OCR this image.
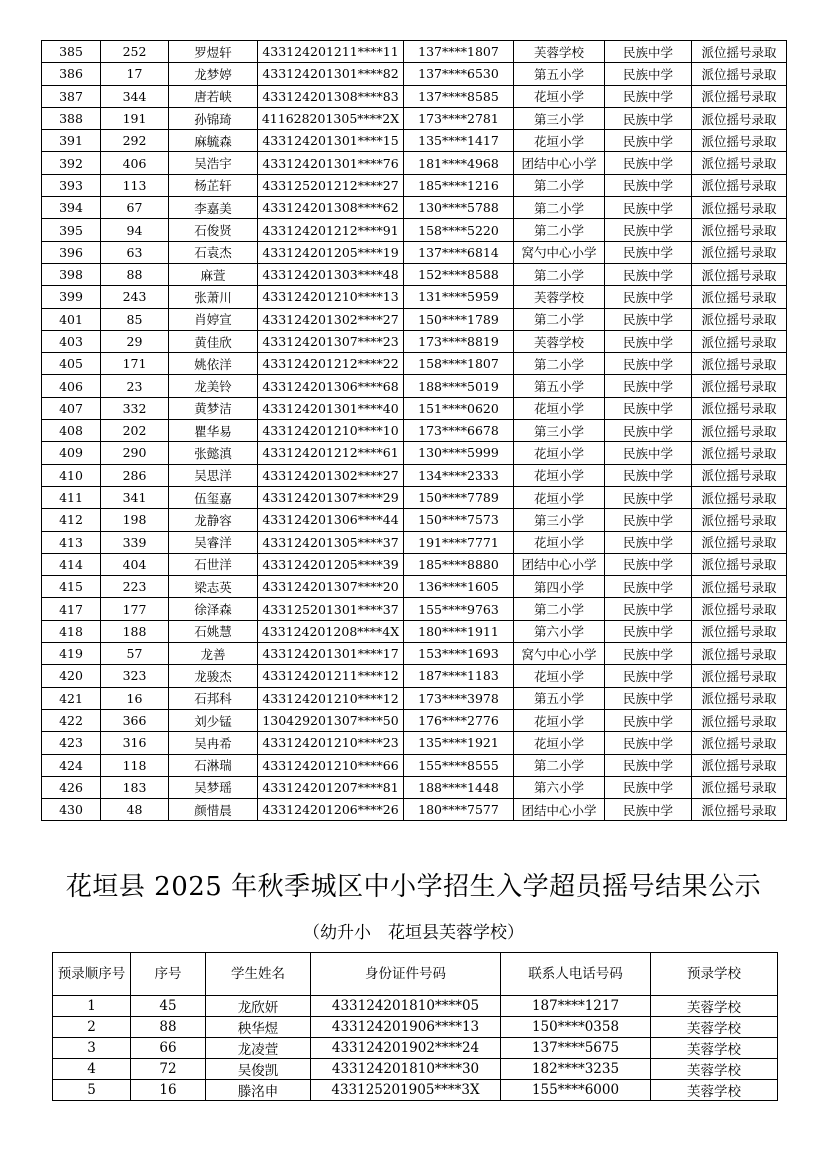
385	252	罗煜轩	433124201211****11	137****1807	芙蓉学校	民族中学	派位摇号录取
386	17	龙梦婷	433124201301****82	137****6530	第五小学	民族中学	派位摇号录取
387	344	唐若峡	433124201308****83	137****8585	花垣小学	民族中学	派位摇号录取
388	191	孙锦琦	411628201305****2X	173****2781	第三小学	民族中学	派位摇号录取
391	292	麻毓森	433124201301****15	135****1417	花垣小学	民族中学	派位摇号录取
392	406	吴浩宇	433124201301****76	181****4968	团结中心小学	民族中学	派位摇号录取
393	113	杨芷轩	433125201212****27	185****1216	第二小学	民族中学	派位摇号录取
394	67	李嘉美	433124201308****62	130****5788	第二小学	民族中学	派位摇号录取
395	94	石俊贤	433124201212****91	158****5220	第二小学	民族中学	派位摇号录取
396	63	石袁杰	433124201205****19	137****6814	窝勺中心小学	民族中学	派位摇号录取
398	88	麻萱	433124201303****48	152****8588	第二小学	民族中学	派位摇号录取
399	243	张萧川	433124201210****13	131****5959	芙蓉学校	民族中学	派位摇号录取
401	85	肖婷宣	433124201302****27	150****1789	第二小学	民族中学	派位摇号录取
403	29	黄佳欣	433124201307****23	173****8819	芙蓉学校	民族中学	派位摇号录取
405	171	姚依洋	433124201212****22	158****1807	第二小学	民族中学	派位摇号录取
406	23	龙美铃	433124201306****68	188****5019	第五小学	民族中学	派位摇号录取
407	332	黄梦洁	433124201301****40	151****0620	花垣小学	民族中学	派位摇号录取
408	202	瞿华易	433124201210****10	173****6678	第三小学	民族中学	派位摇号录取
409	290	张懿滇	433124201212****61	130****5999	花垣小学	民族中学	派位摇号录取
410	286	吴思洋	433124201302****27	134****2333	花垣小学	民族中学	派位摇号录取
411	341	伍玺嘉	433124201307****29	150****7789	花垣小学	民族中学	派位摇号录取
412	198	龙静容	433124201306****44	150****7573	第三小学	民族中学	派位摇号录取
413	339	吴睿洋	433124201305****37	191****7771	花垣小学	民族中学	派位摇号录取
414	404	石世洋	433124201205****39	185****8880	团结中心小学	民族中学	派位摇号录取
415	223	梁志英	433124201307****20	136****1605	第四小学	民族中学	派位摇号录取
417	177	徐泽森	433125201301****37	155****9763	第二小学	民族中学	派位摇号录取
418	188	石姚慧	433124201208****4X	180****1911	第六小学	民族中学	派位摇号录取
419	57	龙善	433124201301****17	153****1693	窝勺中心小学	民族中学	派位摇号录取
420	323	龙骏杰	433124201211****12	187****1183	花垣小学	民族中学	派位摇号录取
421	16	石邦科	433124201210****12	173****3978	第五小学	民族中学	派位摇号录取
422	366	刘少锰	130429201307****50	176****2776	花垣小学	民族中学	派位摇号录取
423	316	吴冉希	433124201210****23	135****1921	花垣小学	民族中学	派位摇号录取
424	118	石淋瑞	433124201210****66	155****8555	第二小学	民族中学	派位摇号录取
426	183	吴梦瑶	433124201207****81	188****1448	第六小学	民族中学	派位摇号录取
430	48	颜惜晨	433124201206****26	180****7577	团结中心小学	民族中学	派位摇号录取
花垣县 2025 年秋季城区中小学招生入学超员摇号结果公示
（幼升小　花垣县芙蓉学校）
预录顺序号	序号	学生姓名	身份证件号码	联系人电话号码	预录学校
1	45	龙欣妍	433124201810****05	187****1217	芙蓉学校
2	88	秧华煜	433124201906****13	150****0358	芙蓉学校
3	66	龙凌萱	433124201902****24	137****5675	芙蓉学校
4	72	吴俊凯	433124201810****30	182****3235	芙蓉学校
5	16	滕洺申	433125201905****3X	155****6000	芙蓉学校
